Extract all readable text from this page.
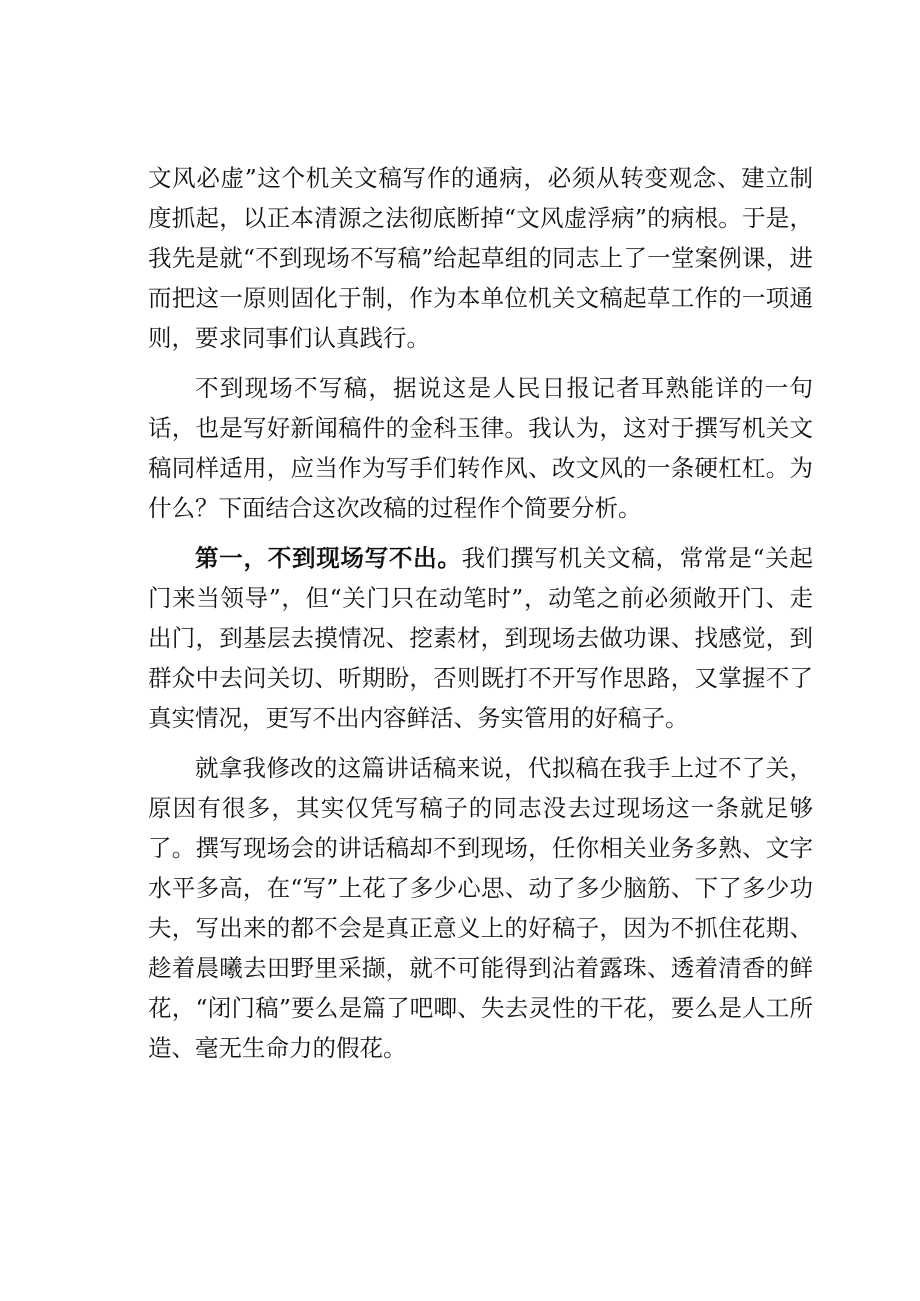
文风必虚”这个机关文稿写作的通病，必须从转变观念、建立制度抓起，以正本清源之法彻底断掉“文风虚浮病”的病根。于是，我先是就“不到现场不写稿”给起草组的同志上了一堂案例课，进而把这一原则固化于制，作为本单位机关文稿起草工作的一项通则，要求同事们认真践行。

不到现场不写稿，据说这是人民日报记者耳熟能详的一句话，也是写好新闻稿件的金科玉律。我认为，这对于撰写机关文稿同样适用，应当作为写手们转作风、改文风的一条硬杠杠。为什么？下面结合这次改稿的过程作个简要分析。

第一，不到现场写不出。我们撰写机关文稿，常常是“关起门来当领导”，但“关门只在动笔时”，动笔之前必须敞开门、走出门，到基层去摸情况、挖素材，到现场去做功课、找感觉，到群众中去问关切、听期盼，否则既打不开写作思路，又掌握不了真实情况，更写不出内容鲜活、务实管用的好稿子。

就拿我修改的这篇讲话稿来说，代拟稿在我手上过不了关，原因有很多，其实仅凭写稿子的同志没去过现场这一条就足够了。撰写现场会的讲话稿却不到现场，任你相关业务多熟、文字水平多高，在“写”上花了多少心思、动了多少脑筋、下了多少功夫，写出来的都不会是真正意义上的好稿子，因为不抓住花期、趁着晨曦去田野里采撷，就不可能得到沾着露珠、透着清香的鲜花，“闭门稿”要么是篇了吧唧、失去灵性的干花，要么是人工所造、毫无生命力的假花。
